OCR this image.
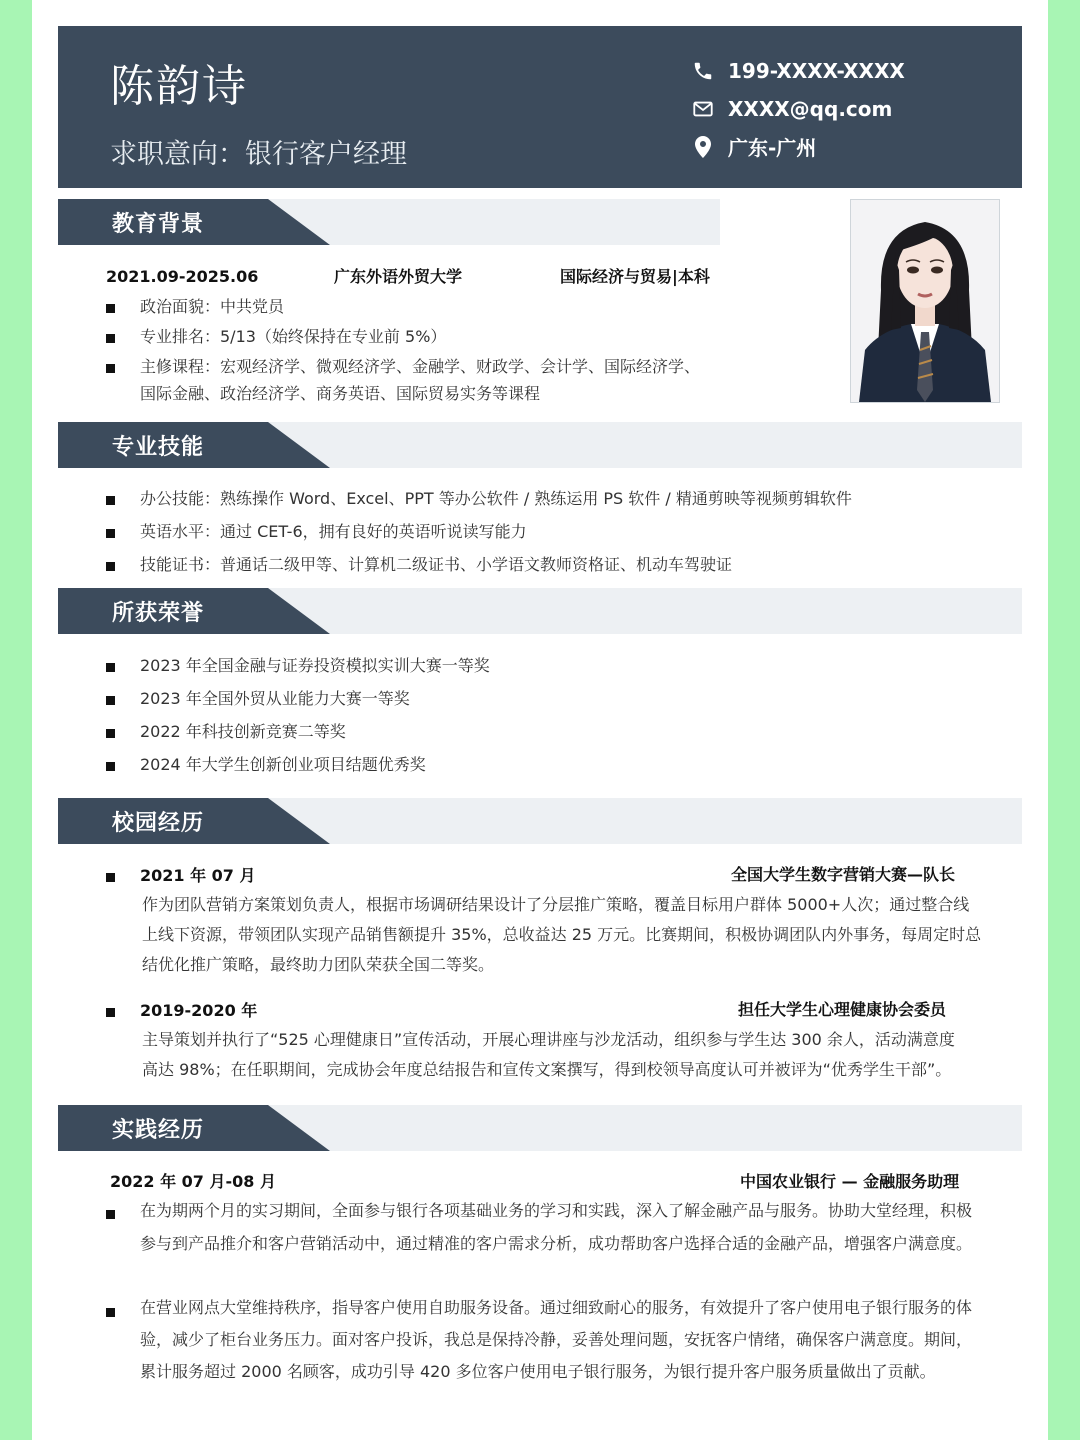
陈韵诗
求职意向：银行客户经理
199-XXXX-XXXX
XXXX@qq.com
广东-广州
教育背景
2021.09-2025.06	广东外语外贸大学	国际经济与贸易|本科
政治面貌：中共党员
专业排名：5/13（始终保持在专业前 5%）
主修课程：宏观经济学、微观经济学、金融学、财政学、会计学、国际经济学、
国际金融、政治经济学、商务英语、国际贸易实务等课程
专业技能
办公技能：熟练操作 Word、Excel、PPT 等办公软件 / 熟练运用 PS 软件 / 精通剪映等视频剪辑软件
英语水平：通过 CET-6，拥有良好的英语听说读写能力
技能证书：普通话二级甲等、计算机二级证书、小学语文教师资格证、机动车驾驶证
所获荣誉
2023 年全国金融与证券投资模拟实训大赛一等奖
2023 年全国外贸从业能力大赛一等奖
2022 年科技创新竞赛二等奖
2024 年大学生创新创业项目结题优秀奖
校园经历
2021 年 07 月	全国大学生数字营销大赛—队长
作为团队营销方案策划负责人，根据市场调研结果设计了分层推广策略，覆盖目标用户群体 5000+人次；通过整合线
上线下资源，带领团队实现产品销售额提升 35%，总收益达 25 万元。比赛期间，积极协调团队内外事务，每周定时总
结优化推广策略，最终助力团队荣获全国二等奖。
2019-2020 年	担任大学生心理健康协会委员
主导策划并执行了“525 心理健康日”宣传活动，开展心理讲座与沙龙活动，组织参与学生达 300 余人，活动满意度
高达 98%；在任职期间，完成协会年度总结报告和宣传文案撰写，得到校领导高度认可并被评为“优秀学生干部”。
实践经历
2022 年 07 月-08 月	中国农业银行 — 金融服务助理
在为期两个月的实习期间，全面参与银行各项基础业务的学习和实践，深入了解金融产品与服务。协助大堂经理，积极
参与到产品推介和客户营销活动中，通过精准的客户需求分析，成功帮助客户选择合适的金融产品，增强客户满意度。
在营业网点大堂维持秩序，指导客户使用自助服务设备。通过细致耐心的服务，有效提升了客户使用电子银行服务的体
验，减少了柜台业务压力。面对客户投诉，我总是保持冷静，妥善处理问题，安抚客户情绪，确保客户满意度。期间，
累计服务超过 2000 名顾客，成功引导 420 多位客户使用电子银行服务，为银行提升客户服务质量做出了贡献。
